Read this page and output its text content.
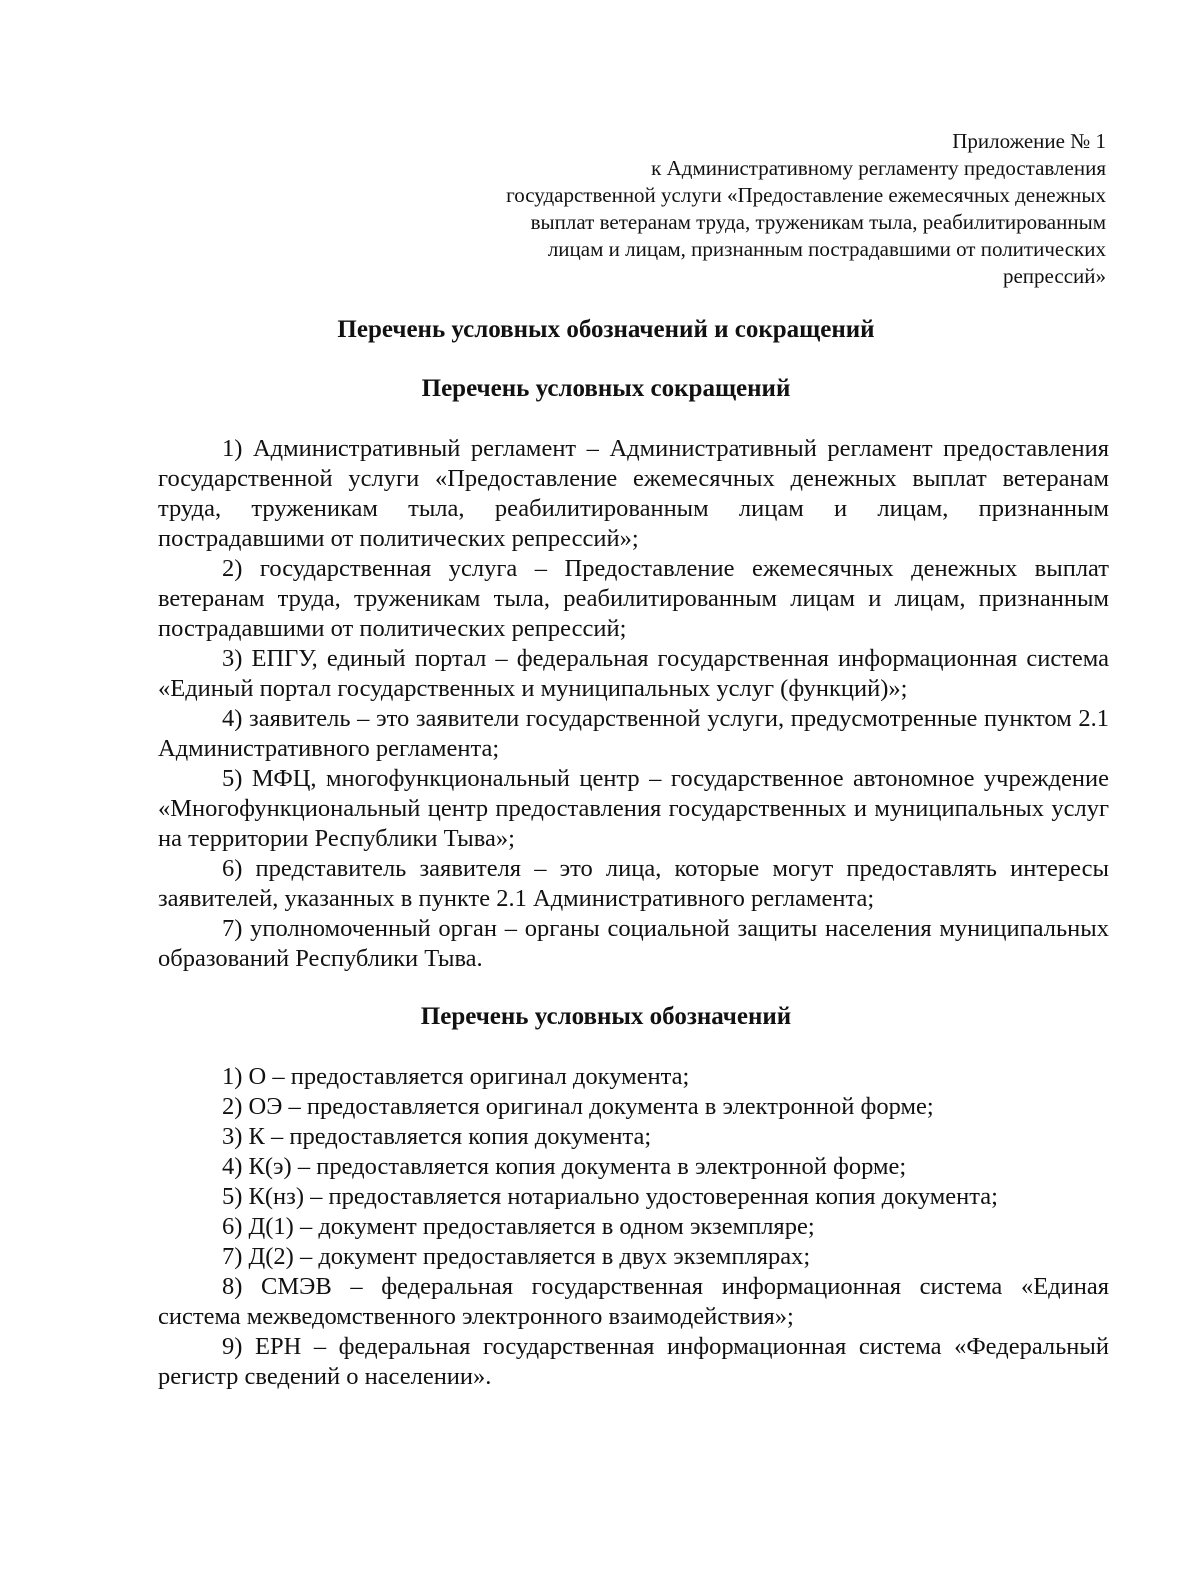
Приложение № 1
к Административному регламенту предоставления
государственной услуги «Предоставление ежемесячных денежных
выплат ветеранам труда, труженикам тыла, реабилитированным
лицам и лицам, признанным пострадавшими от политических
репрессий»
Перечень условных обозначений и сокращений
Перечень условных сокращений

1) Административный регламент – Административный регламент предоставления государственной услуги «Предоставление ежемесячных денежных выплат ветеранам труда, труженикам тыла, реабилитированным лицам и лицам, признанным пострадавшими от политических репрессий»;

2) государственная услуга – Предоставление ежемесячных денежных выплат ветеранам труда, труженикам тыла, реабилитированным лицам и лицам, признанным пострадавшими от политических репрессий;

3) ЕПГУ, единый портал – федеральная государственная информационная система «Единый портал государственных и муниципальных услуг (функций)»;

4) заявитель – это заявители государственной услуги, предусмотренные пунктом 2.1 Административного регламента;

5) МФЦ, многофункциональный центр – государственное автономное учреждение «Многофункциональный центр предоставления государственных и муниципальных услуг на территории Республики Тыва»;

6) представитель заявителя – это лица, которые могут предоставлять интересы заявителей, указанных в пункте 2.1 Административного регламента;

7) уполномоченный орган – органы социальной защиты населения муниципальных образований Республики Тыва.

Перечень условных обозначений

1) О – предоставляется оригинал документа;

2) ОЭ – предоставляется оригинал документа в электронной форме;

3) К – предоставляется копия документа;

4) К(э) – предоставляется копия документа в электронной форме;

5) К(нз) – предоставляется нотариально удостоверенная копия документа;

6) Д(1) – документ предоставляется в одном экземпляре;

7) Д(2) – документ предоставляется в двух экземплярах;

8) СМЭВ – федеральная государственная информационная система «Единая система межведомственного электронного взаимодействия»;

9) ЕРН – федеральная государственная информационная система «Федеральный регистр сведений о населении».
